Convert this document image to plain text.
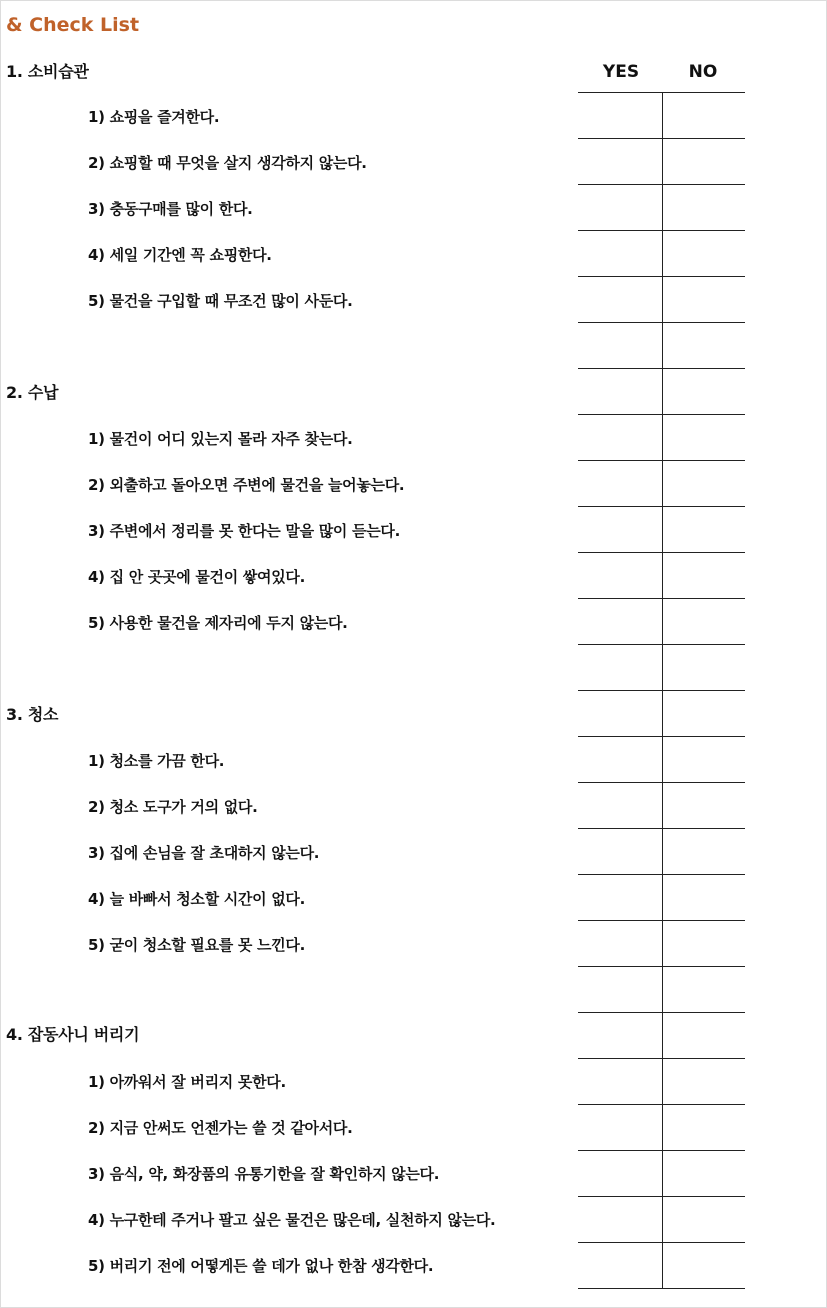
& Check List
YES	NO
1. 소비습관
1) 쇼핑을 즐겨한다.
2) 쇼핑할 때 무엇을 살지 생각하지 않는다.
3) 충동구매를 많이 한다.
4) 세일 기간엔 꼭 쇼핑한다.
5) 물건을 구입할 때 무조건 많이 사둔다.
2. 수납
1) 물건이 어디 있는지 몰라 자주 찾는다.
2) 외출하고 돌아오면 주변에 물건을 늘어놓는다.
3) 주변에서 정리를 못 한다는 말을 많이 듣는다.
4) 집 안 곳곳에 물건이 쌓여있다.
5) 사용한 물건을 제자리에 두지 않는다.
3. 청소
1) 청소를 가끔 한다.
2) 청소 도구가 거의 없다.
3) 집에 손님을 잘 초대하지 않는다.
4) 늘 바빠서 청소할 시간이 없다.
5) 굳이 청소할 필요를 못 느낀다.
4. 잡동사니 버리기
1) 아까워서 잘 버리지 못한다.
2) 지금 안써도 언젠가는 쓸 것 같아서다.
3) 음식, 약, 화장품의 유통기한을 잘 확인하지 않는다.
4) 누구한테 주거나 팔고 싶은 물건은 많은데, 실천하지 않는다.
5) 버리기 전에 어떻게든 쓸 데가 없나 한참 생각한다.
